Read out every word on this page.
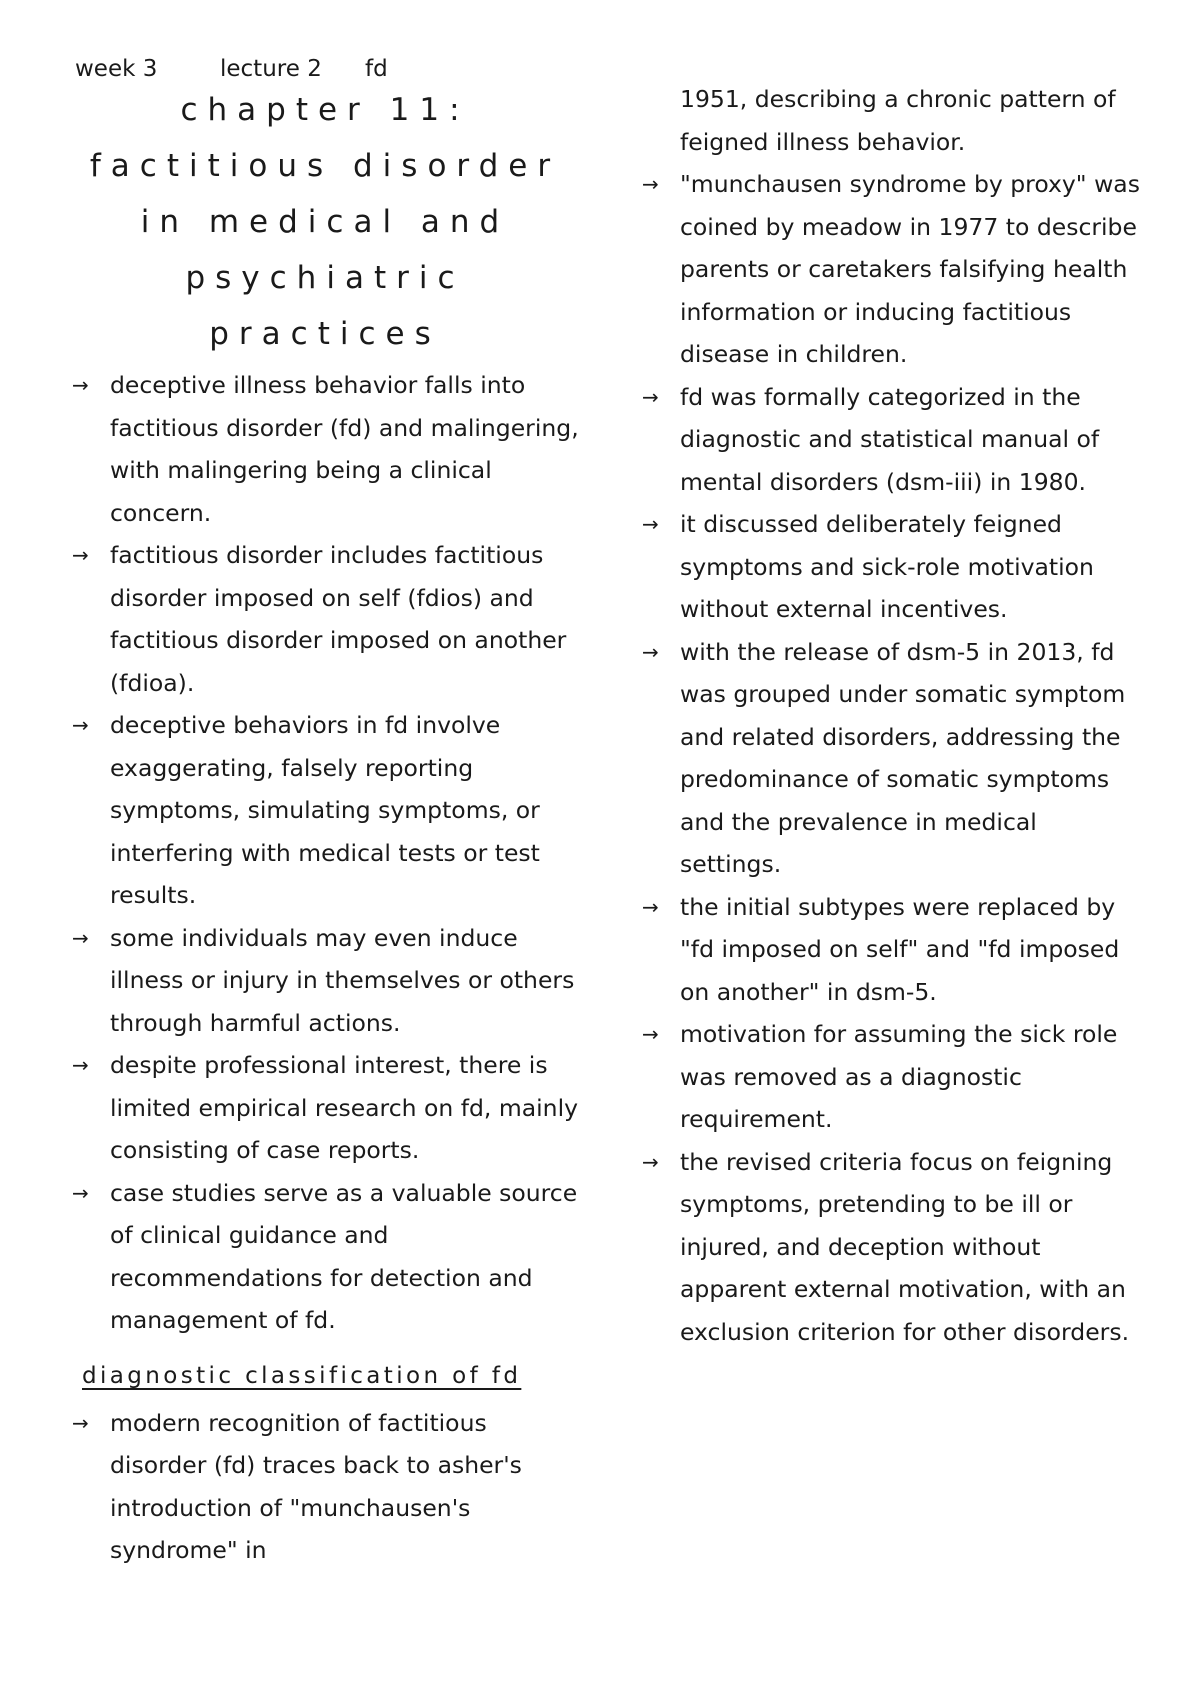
week 3	lecture 2	fd
chapter 11:
factitious disorder
in medical and
psychiatric
practices
→ deceptive illness behavior falls into factitious disorder (fd) and malingering, with malingering being a clinical concern.
→ factitious disorder includes factitious disorder imposed on self (fdios) and factitious disorder imposed on another (fdioa).
→ deceptive behaviors in fd involve exaggerating, falsely reporting symptoms, simulating symptoms, or interfering with medical tests or test results.
→ some individuals may even induce illness or injury in themselves or others through harmful actions.
→ despite professional interest, there is limited empirical research on fd, mainly consisting of case reports.
→ case studies serve as a valuable source of clinical guidance and recommendations for detection and management of fd.
diagnostic classification of fd
→ modern recognition of factitious disorder (fd) traces back to asher's introduction of "munchausen's syndrome" in

1951, describing a chronic pattern of feigned illness behavior.

→ "munchausen syndrome by proxy" was coined by meadow in 1977 to describe parents or caretakers falsifying health information or inducing factitious disease in children.
→ fd was formally categorized in the diagnostic and statistical manual of mental disorders (dsm-iii) in 1980.
→ it discussed deliberately feigned symptoms and sick-role motivation without external incentives.
→ with the release of dsm-5 in 2013, fd was grouped under somatic symptom and related disorders, addressing the predominance of somatic symptoms and the prevalence in medical settings.
→ the initial subtypes were replaced by "fd imposed on self" and "fd imposed on another" in dsm-5.
→ motivation for assuming the sick role was removed as a diagnostic requirement.
→ the revised criteria focus on feigning symptoms, pretending to be ill or injured, and deception without apparent external motivation, with an exclusion criterion for other disorders.
